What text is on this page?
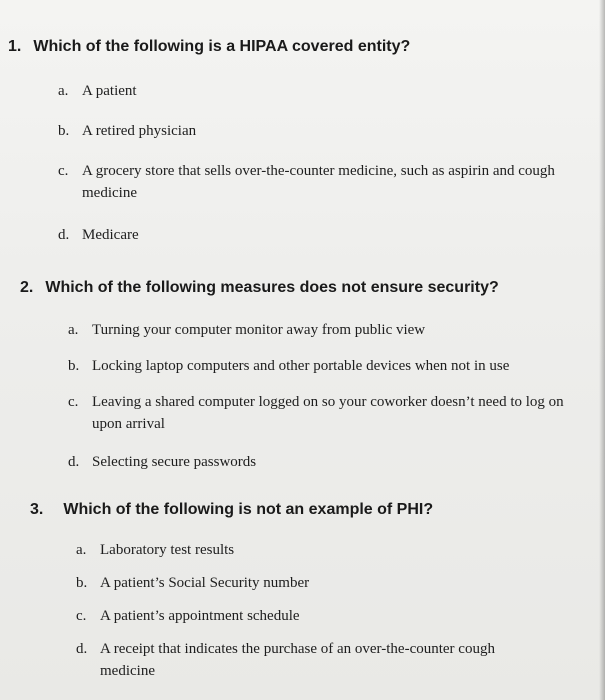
1. Which of the following is a HIPAA covered entity?
a. A patient
b. A retired physician
c. A grocery store that sells over-the-counter medicine, such as aspirin and cough medicine
d. Medicare
2. Which of the following measures does not ensure security?
a. Turning your computer monitor away from public view
b. Locking laptop computers and other portable devices when not in use
c. Leaving a shared computer logged on so your coworker doesn’t need to log on upon arrival
d. Selecting secure passwords
3. Which of the following is not an example of PHI?
a. Laboratory test results
b. A patient’s Social Security number
c. A patient’s appointment schedule
d. A receipt that indicates the purchase of an over-the-counter cough medicine
